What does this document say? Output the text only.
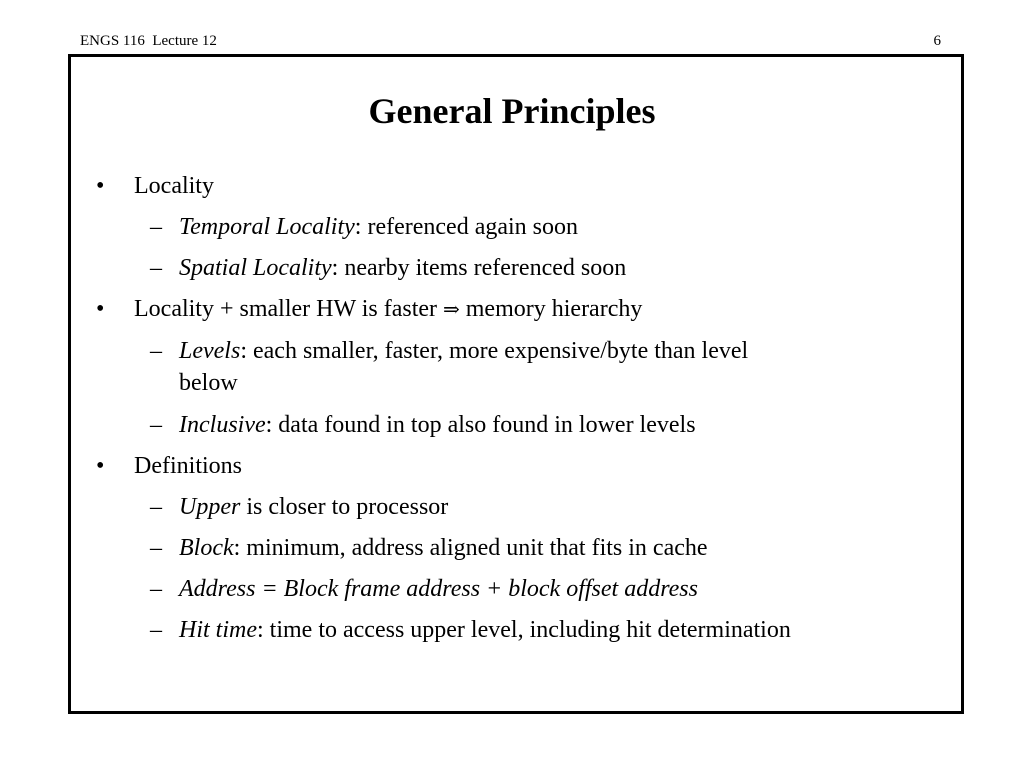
ENGS 116  Lecture 12	6
General Principles
• Locality
– Temporal Locality: referenced again soon
– Spatial Locality: nearby items referenced soon
• Locality + smaller HW is faster ⇒ memory hierarchy
– Levels: each smaller, faster, more expensive/byte than level
below
– Inclusive: data found in top also found in lower levels
• Definitions
– Upper is closer to processor
– Block: minimum, address aligned unit that fits in cache
– Address = Block frame address + block offset address
– Hit time: time to access upper level, including hit determination
